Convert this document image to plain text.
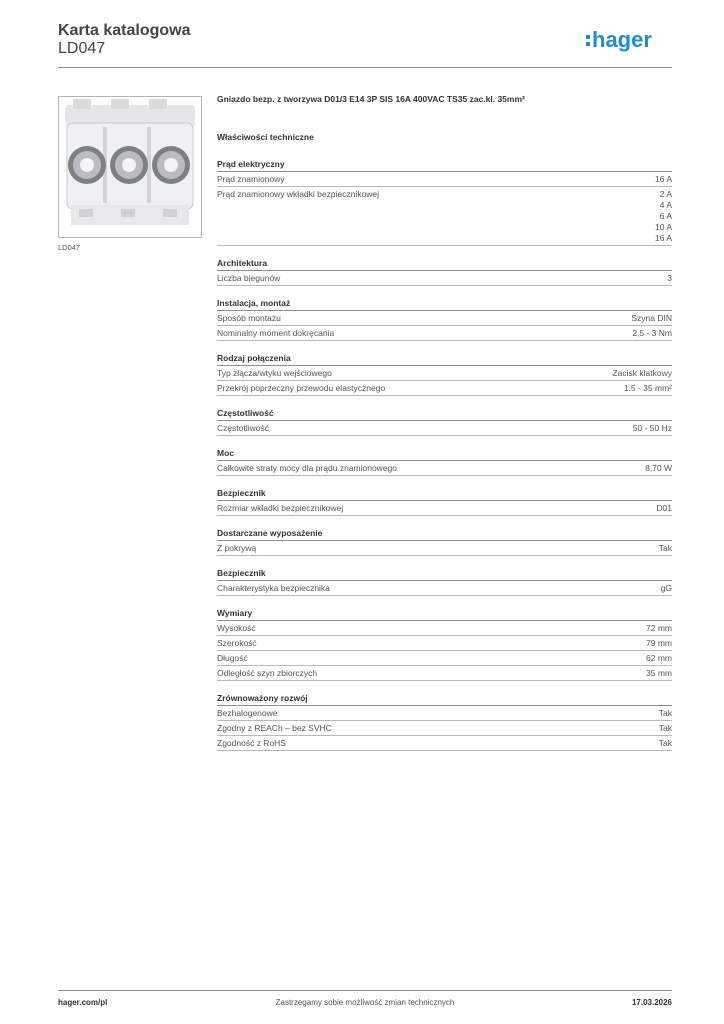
Karta katalogowa
LD047	hager
LD047
Gniazdo bezp. z tworzywa D01/3 E14 3P SIS 16A 400VAC TS35 zac.kl. 35mm²
Właściwości techniczne
Prąd elektryczny
Prąd znamionowy	16 A
Prąd znamionowy wkładki bezpiecznikowej	2 A
4 A
6 A
10 A
16 A
Architektura
Liczba biegunów	3
Instalacja, montaż
Sposób montażu	Szyna DIN
Nominalny moment dokręcania	2,5 - 3 Nm
Rodzaj połączenia
Typ złącza/wtyku wejściowego	Zacisk klatkowy
Przekrój poprzeczny przewodu elastycznego	1.5 - 35 mm²
Częstotliwość
Częstotliwość	50 - 50 Hz
Moc
Całkowite straty mocy dla prądu znamionowego	8,70 W
Bezpiecznik
Rozmiar wkładki bezpiecznikowej	D01
Dostarczane wyposażenie
Z pokrywą	Tak
Bezpiecznik
Charakterystyka bezpiecznika	gG
Wymiary
Wysokość	72 mm
Szerokość	79 mm
Długość	62 mm
Odległość szyn zbiorczych	35 mm
Zrównoważony rozwój
Bezhalogenowe	Tak
Zgodny z REACh – bez SVHC	Tak
Zgodność z RoHS	Tak
hager.com/pl	Zastrzegamy sobie możliwość zmian technicznych	17.03.2026
